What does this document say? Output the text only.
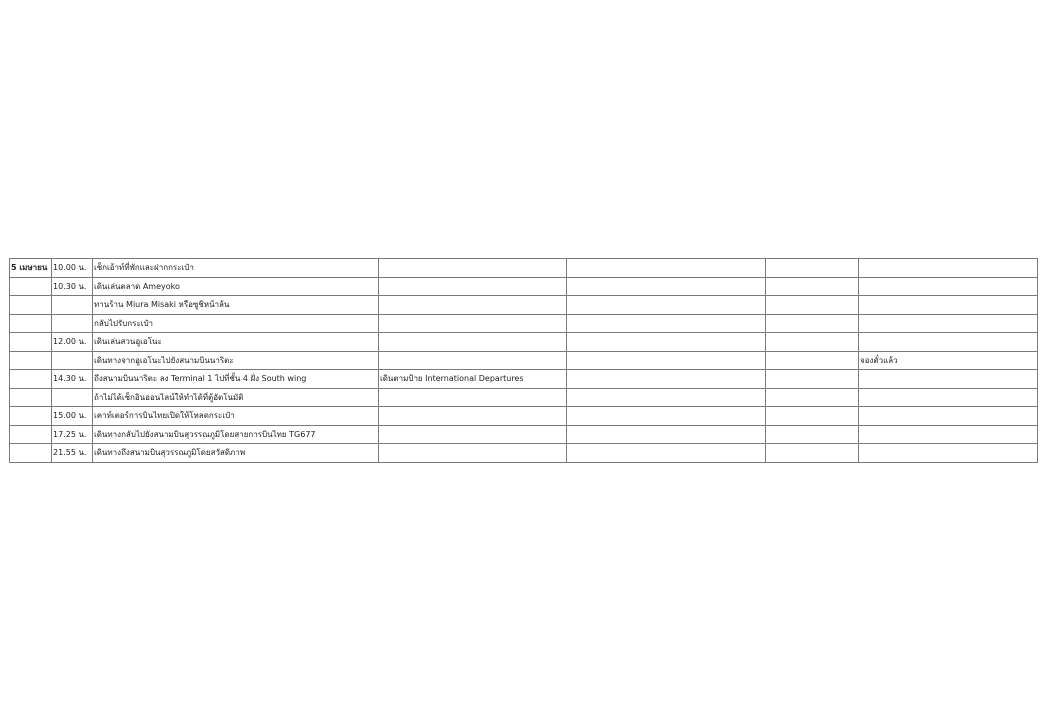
5 เมษายน	10.00 น.	เช็กเอ้าท์ที่พักและฝากกระเป๋า				
	10.30 น.	เดินเล่นตลาด Ameyoko				
		ทานร้าน Miura Misaki หรือซูชิหน้าล้น				
		กลับไปรับกระเป๋า				
	12.00 น.	เดินเล่นสวนอูเอโนะ				
		เดินทางจากอูเอโนะไปยังสนามบินนาริตะ				จองตั๋วแล้ว
	14.30 น.	ถึงสนามบินนาริตะ ลง Terminal 1 ไปที่ชั้น 4 ฝั่ง South wing	เดินตามป้าย International Departures			
		ถ้าไม่ได้เช็กอินออนไลน์ให้ทำได้ที่ตู้อัตโนมัติ				
	15.00 น.	เคาท์เตอร์การบินไทยเปิดให้โหลดกระเป๋า				
	17.25 น.	เดินทางกลับไปยังสนามบินสุวรรณภูมิโดยสายการบินไทย TG677				
	21.55 น.	เดินทางถึงสนามบินสุวรรณภูมิโดยสวัสดิภาพ				
